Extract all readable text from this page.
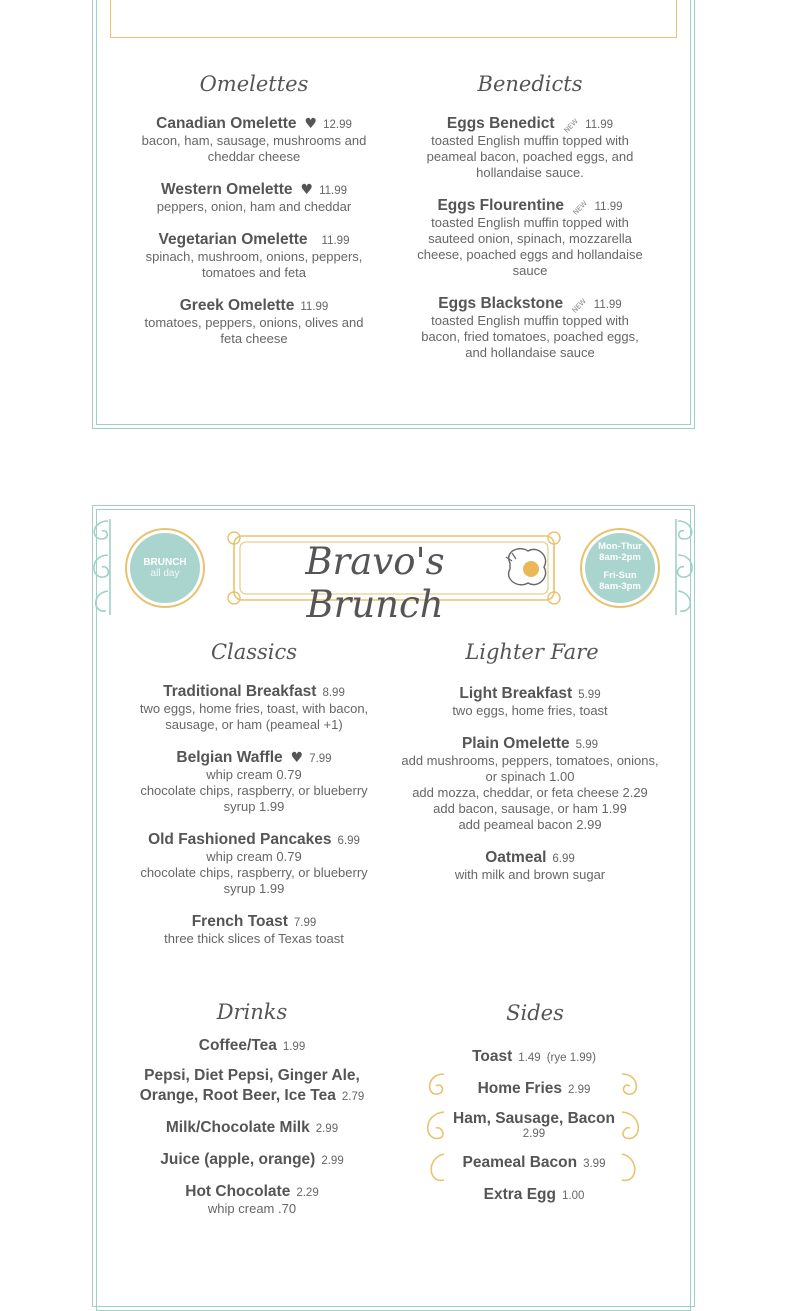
Omelettes
Canadian Omelette ♥ 12.99
bacon, ham, sausage, mushrooms and
cheddar cheese
Western Omelette ♥ 11.99
peppers, onion, ham and cheddar
Vegetarian Omelette 11.99
spinach, mushroom, onions, peppers,
tomatoes and feta
Greek Omelette 11.99
tomatoes, peppers, onions, olives and
feta cheese
Benedicts
Eggs Benedict NEW 11.99
toasted English muffin topped with
peameal bacon, poached eggs, and
hollandaise sauce.
Eggs Flourentine NEW 11.99
toasted English muffin topped with
sauteed onion, spinach, mozzarella
cheese, poached eggs and hollandaise
sauce
Eggs Blackstone NEW 11.99
toasted English muffin topped with
bacon, fried tomatoes, poached eggs,
and hollandaise sauce
BRUNCH
all day
Mon-Thur
8am-2pm
Fri-Sun
8am-3pm
Bravo's Brunch
Classics
Traditional Breakfast 8.99
two eggs, home fries, toast, with bacon,
sausage, or ham (peameal +1)
Belgian Waffle ♥ 7.99
whip cream 0.79
chocolate chips, raspberry, or blueberry
syrup 1.99
Old Fashioned Pancakes 6.99
whip cream 0.79
chocolate chips, raspberry, or blueberry
syrup 1.99
French Toast 7.99
three thick slices of Texas toast
Lighter Fare
Light Breakfast 5.99
two eggs, home fries, toast
Plain Omelette 5.99
add mushrooms, peppers, tomatoes, onions,
or spinach 1.00
add mozza, cheddar, or feta cheese 2.29
add bacon, sausage, or ham 1.99
add peameal bacon 2.99
Oatmeal 6.99
with milk and brown sugar
Drinks
Coffee/Tea 1.99
Pepsi, Diet Pepsi, Ginger Ale,
Orange, Root Beer, Ice Tea 2.79
Milk/Chocolate Milk 2.99
Juice (apple, orange) 2.99
Hot Chocolate 2.29
whip cream .70
Sides
Toast 1.49 (rye 1.99)
Home Fries 2.99
Ham, Sausage, Bacon
2.99
Peameal Bacon 3.99
Extra Egg 1.00
